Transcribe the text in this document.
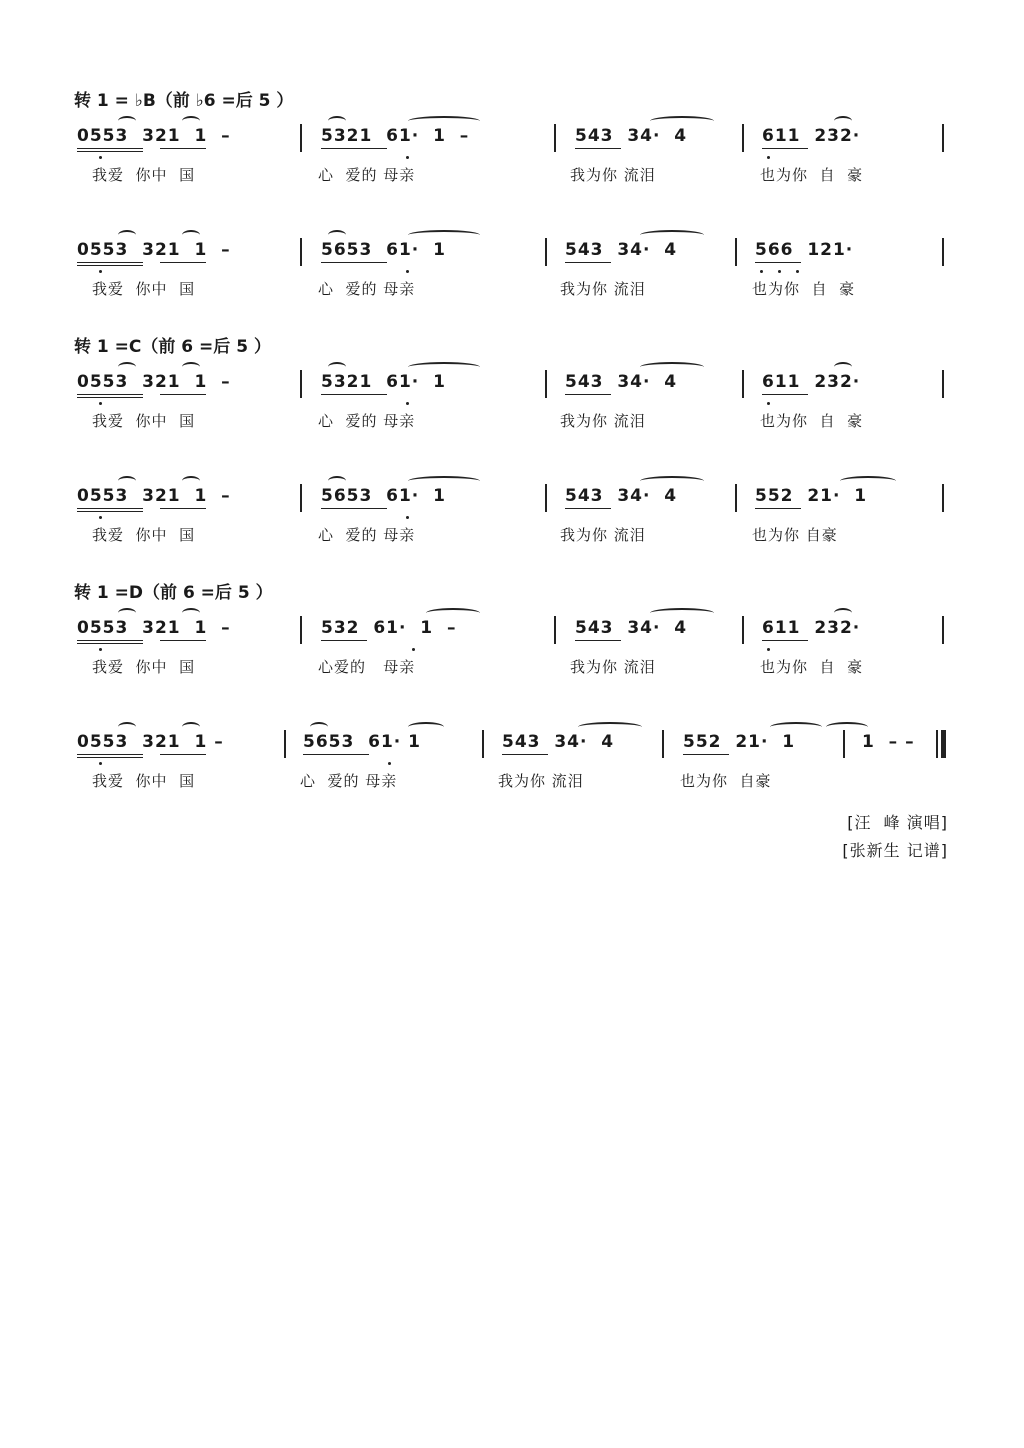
转 1 = ♭B（前 ♭6 =后 5 ）
0553  321  1  –	5321  61·  1  –	543  34·  4	611  232·
我爱  你中  国	心  爱的 母亲	我为你 流泪	也为你  自  豪
0553  321  1  –	5653  61·  1	543  34·  4	566  121·
我爱  你中  国	心  爱的 母亲	我为你 流泪	也为你  自  豪
转 1 =C（前 6 =后 5 ）
0553  321  1  –	5321  61·  1	543  34·  4	611  232·
我爱  你中  国	心  爱的 母亲	我为你 流泪	也为你  自  豪
0553  321  1  –	5653  61·  1	543  34·  4	552  21·  1
我爱  你中  国	心  爱的 母亲	我为你 流泪	也为你 自豪
转 1 =D（前 6 =后 5 ）
0553  321  1  –	532  61·  1  –	543  34·  4	611  232·
我爱  你中  国	心爱的   母亲	我为你 流泪	也为你  自  豪
0553  321  1 –	5653  61· 1	543  34·  4	552  21·  1	1  – –
我爱  你中  国	心  爱的 母亲	我为你 流泪	也为你  自豪
[汪  峰 演唱]
[张新生 记谱]
